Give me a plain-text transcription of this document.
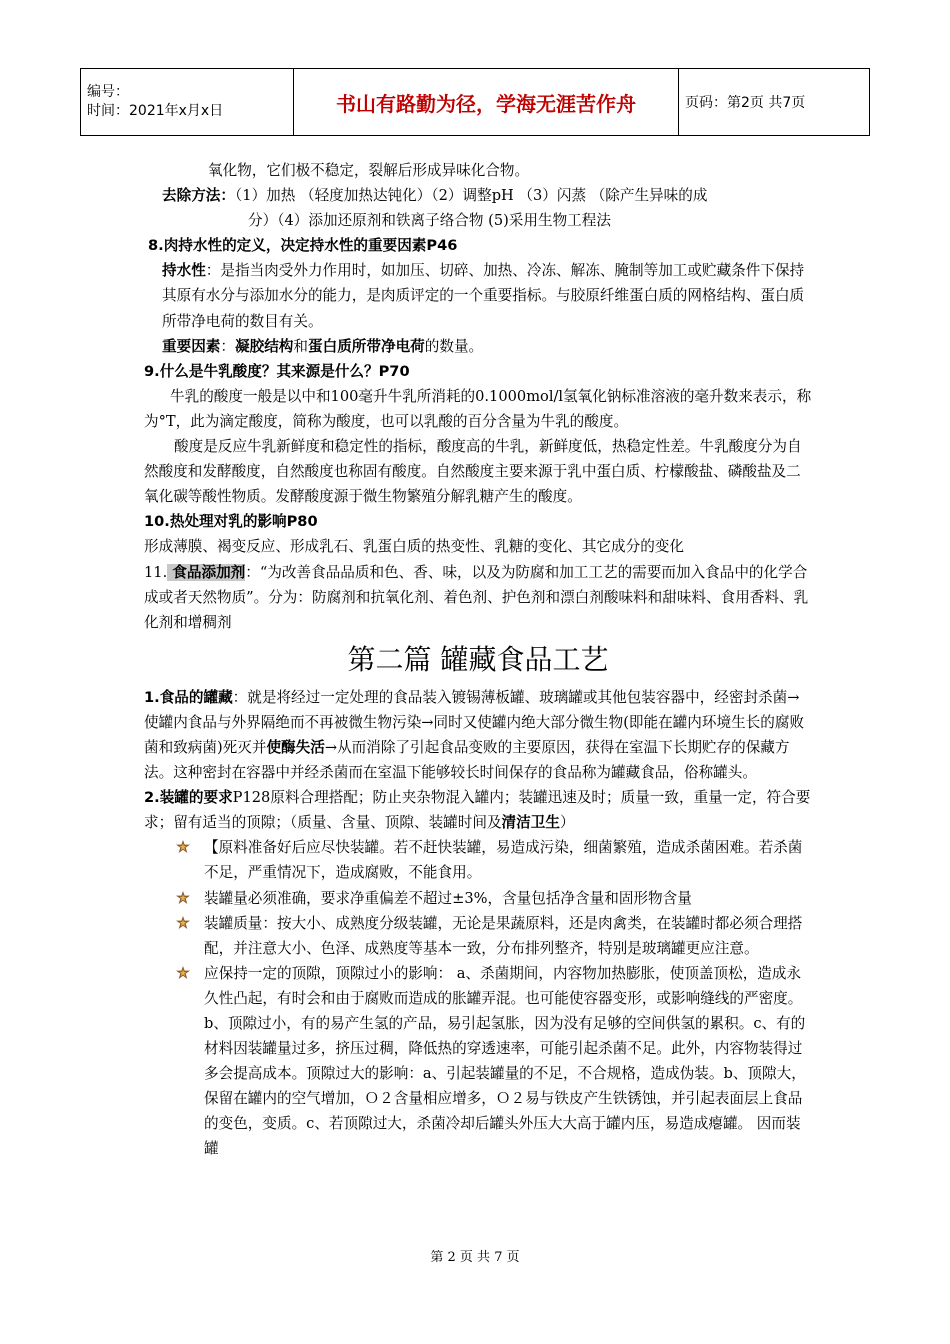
编号：
时间：2021年x月x日	书山有路勤为径，学海无涯苦作舟	页码：第2页 共7页

氧化物，它们极不稳定，裂解后形成异味化合物。

去除方法：（1）加热 （轻度加热达钝化）（2）调整pH （3）闪蒸 （除产生异味的成
分）（4）添加还原剂和铁离子络合物 (5)采用生物工程法

8.肉持水性的定义，决定持水性的重要因素P46

持水性：是指当肉受外力作用时，如加压、切碎、加热、冷冻、解冻、腌制等加工或贮藏条件下保持其原有水分与添加水分的能力，是肉质评定的一个重要指标。与胶原纤维蛋白质的网格结构、蛋白质所带净电荷的数目有关。

重要因素：凝胶结构和蛋白质所带净电荷的数量。

9.什么是牛乳酸度？其来源是什么？P70

牛乳的酸度一般是以中和100毫升牛乳所消耗的0.1000mol/l氢氧化钠标准溶液的毫升数来表示，称为°T，此为滴定酸度，简称为酸度，也可以乳酸的百分含量为牛乳的酸度。

酸度是反应牛乳新鲜度和稳定性的指标，酸度高的牛乳，新鲜度低，热稳定性差。牛乳酸度分为自然酸度和发酵酸度，自然酸度也称固有酸度。自然酸度主要来源于乳中蛋白质、柠檬酸盐、磷酸盐及二氧化碳等酸性物质。发酵酸度源于微生物繁殖分解乳糖产生的酸度。

10.热处理对乳的影响P80

形成薄膜、褐变反应、形成乳石、乳蛋白质的热变性、乳糖的变化、其它成分的变化

11. 食品添加剂：“为改善食品品质和色、香、味，以及为防腐和加工工艺的需要而加入食品中的化学合成或者天然物质”。分为：防腐剂和抗氧化剂、着色剂、护色剂和漂白剂酸味料和甜味料、食用香料、乳化剂和增稠剂

第二篇 罐藏食品工艺

1.食品的罐藏：就是将经过一定处理的食品装入镀锡薄板罐、玻璃罐或其他包装容器中，经密封杀菌→使罐内食品与外界隔绝而不再被微生物污染→同时又使罐内绝大部分微生物(即能在罐内环境生长的腐败菌和致病菌)死灭并使酶失活→从而消除了引起食品变败的主要原因，获得在室温下长期贮存的保藏方法。这种密封在容器中并经杀菌而在室温下能够较长时间保存的食品称为罐藏食品，俗称罐头。

2.装罐的要求P128原料合理搭配；防止夹杂物混入罐内；装罐迅速及时；质量一致，重量一定，符合要求；留有适当的顶隙；（质量、含量、顶隙、装罐时间及清洁卫生）

【原料准备好后应尽快装罐。若不赶快装罐，易造成污染，细菌繁殖，造成杀菌困难。若杀菌不足，严重情况下，造成腐败，不能食用。
装罐量必须准确，要求净重偏差不超过±3%，含量包括净含量和固形物含量
装罐质量：按大小、成熟度分级装罐，无论是果蔬原料，还是肉禽类，在装罐时都必须合理搭配，并注意大小、色泽、成熟度等基本一致，分布排列整齐，特别是玻璃罐更应注意。
应保持一定的顶隙，顶隙过小的影响： a、杀菌期间，内容物加热膨胀，使顶盖顶松，造成永久性凸起，有时会和由于腐败而造成的胀罐弄混。也可能使容器变形，或影响缝线的严密度。b、顶隙过小，有的易产生氢的产品，易引起氢胀，因为没有足够的空间供氢的累积。c、有的材料因装罐量过多，挤压过稠，降低热的穿透速率，可能引起杀菌不足。此外，内容物装得过多会提高成本。顶隙过大的影响：a、引起装罐量的不足，不合规格，造成伪装。b、顶隙大，保留在罐内的空气增加，Ｏ２含量相应增多，Ｏ２易与铁皮产生铁锈蚀，并引起表面层上食品的变色，变质。c、若顶隙过大，杀菌冷却后罐头外压大大高于罐内压，易造成瘪罐。 因而装罐
第 2 页 共 7 页
